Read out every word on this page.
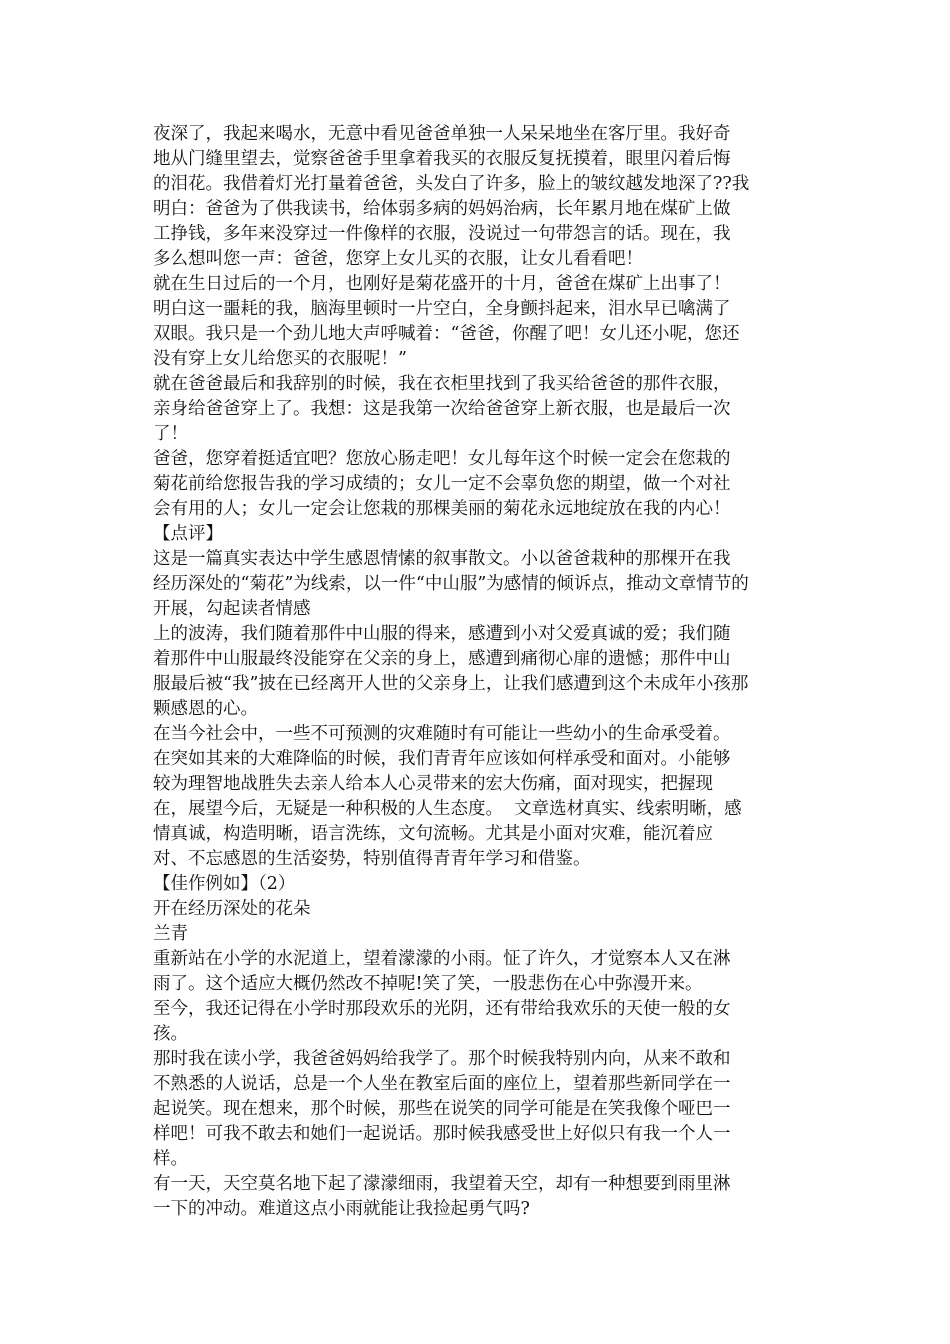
夜深了，我起来喝水，无意中看见爸爸单独一人呆呆地坐在客厅里。我好奇
地从门缝里望去，觉察爸爸手里拿着我买的衣服反复抚摸着，眼里闪着后悔
的泪花。我借着灯光打量着爸爸，头发白了许多，脸上的皱纹越发地深了??我
明白：爸爸为了供我读书，给体弱多病的妈妈治病，长年累月地在煤矿上做
工挣钱，多年来没穿过一件像样的衣服，没说过一句带怨言的话。现在，我
多么想叫您一声：爸爸，您穿上女儿买的衣服，让女儿看看吧！
就在生日过后的一个月，也刚好是菊花盛开的十月，爸爸在煤矿上出事了！
明白这一噩耗的我，脑海里顿时一片空白，全身颤抖起来，泪水早已噙满了
双眼。我只是一个劲儿地大声呼喊着：“爸爸，你醒了吧！女儿还小呢，您还
没有穿上女儿给您买的衣服呢！”
就在爸爸最后和我辞别的时候，我在衣柜里找到了我买给爸爸的那件衣服，
亲身给爸爸穿上了。我想：这是我第一次给爸爸穿上新衣服，也是最后一次
了！
爸爸，您穿着挺适宜吧？您放心肠走吧！女儿每年这个时候一定会在您栽的
菊花前给您报告我的学习成绩的；女儿一定不会辜负您的期望，做一个对社
会有用的人；女儿一定会让您栽的那棵美丽的菊花永远地绽放在我的内心！
【点评】
这是一篇真实表达中学生感恩情愫的叙事散文。小以爸爸栽种的那棵开在我
经历深处的“菊花”为线索，以一件“中山服”为感情的倾诉点，推动文章情节的
开展，勾起读者情感
上的波涛，我们随着那件中山服的得来，感遭到小对父爱真诚的爱；我们随
着那件中山服最终没能穿在父亲的身上，感遭到痛彻心扉的遗憾；那件中山
服最后被“我”披在已经离开人世的父亲身上，让我们感遭到这个未成年小孩那
颗感恩的心。
在当今社会中，一些不可预测的灾难随时有可能让一些幼小的生命承受着。
在突如其来的大难降临的时候，我们青青年应该如何样承受和面对。小能够
较为理智地战胜失去亲人给本人心灵带来的宏大伤痛，面对现实，把握现
在，展望今后，无疑是一种积极的人生态度。  文章选材真实、线索明晰，感
情真诚，构造明晰，语言洗练，文句流畅。尤其是小面对灾难，能沉着应
对、不忘感恩的生活姿势，特别值得青青年学习和借鉴。
【佳作例如】（2）
开在经历深处的花朵
兰青
重新站在小学的水泥道上，望着濛濛的小雨。怔了许久，才觉察本人又在淋
雨了。这个适应大概仍然改不掉呢!笑了笑，一股悲伤在心中弥漫开来。
至今，我还记得在小学时那段欢乐的光阴，还有带给我欢乐的天使一般的女
孩。
那时我在读小学，我爸爸妈妈给我学了。那个时候我特别内向，从来不敢和
不熟悉的人说话，总是一个人坐在教室后面的座位上，望着那些新同学在一
起说笑。现在想来，那个时候，那些在说笑的同学可能是在笑我像个哑巴一
样吧！可我不敢去和她们一起说话。那时候我感受世上好似只有我一个人一
样。
有一天，天空莫名地下起了濛濛细雨，我望着天空，却有一种想要到雨里淋
一下的冲动。难道这点小雨就能让我捡起勇气吗?
